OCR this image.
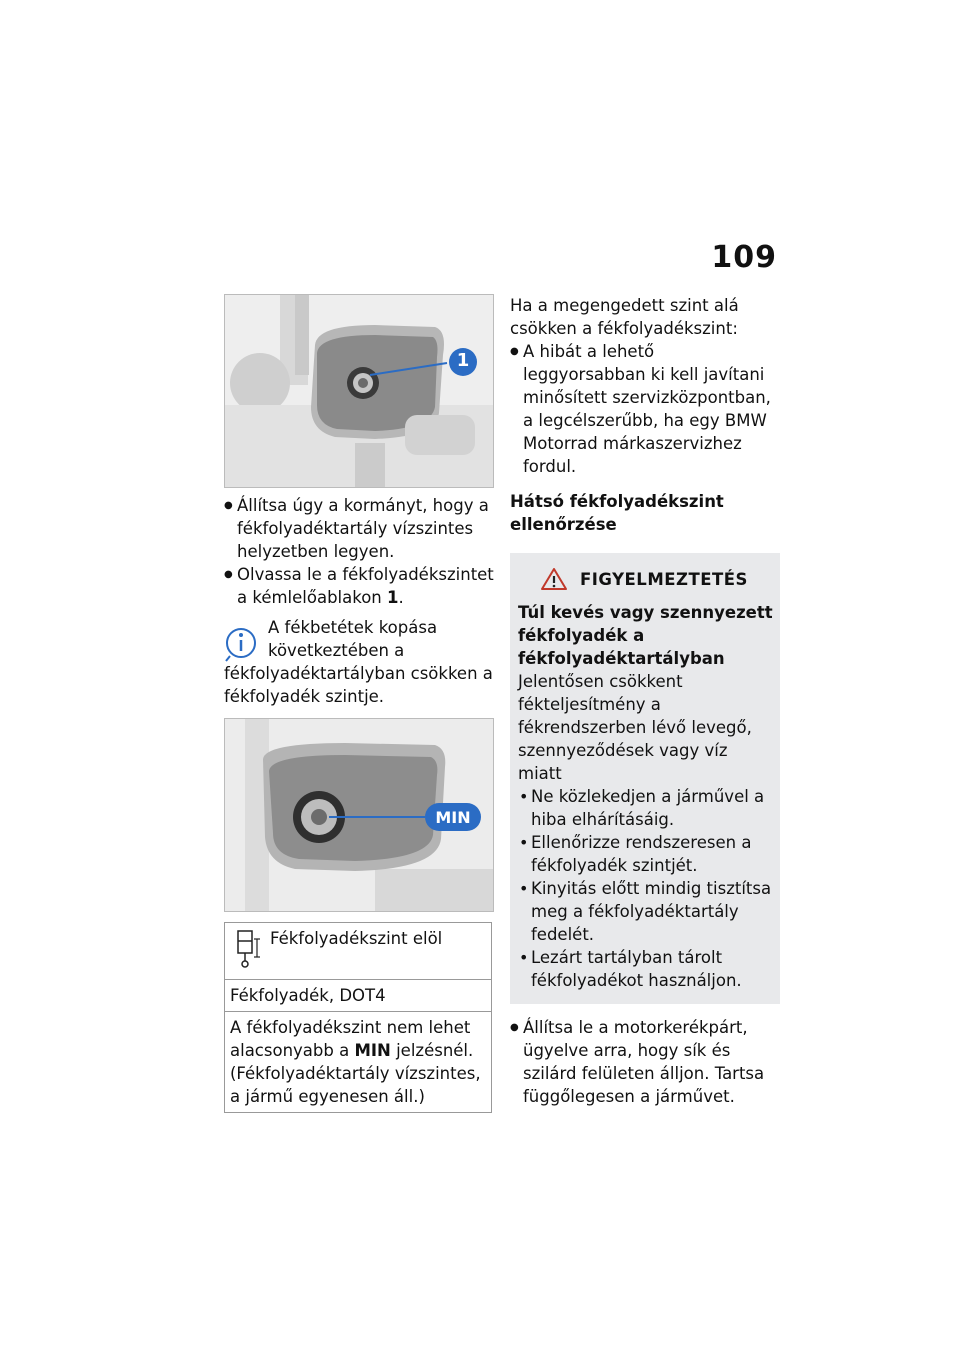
109
1
● Állítsa úgy a kormányt, hogy a fékfolyadéktartály vízszintes helyzetben legyen.
● Olvassa le a fékfolyadékszintet a kémlelőablakon 1.
A fékbetétek kopása következtében a fékfolyadéktartályban csökken a fékfolyadék szintje.
MIN
Fékfolyadékszint elöl

Fékfolyadék, DOT4
A fékfolyadékszint nem lehet alacsonyabb a MIN jelzésnél. (Fékfolyadéktartály vízszintes, a jármű egyenesen áll.)
Ha a megengedett szint alá csökken a fékfolyadékszint:
● A hibát a lehető leggyorsabban ki kell javítani minősített szervizközpontban, a legcélszerűbb, ha egy BMW Motorrad márkaszervizhez fordul.
Hátsó fékfolyadékszint ellenőrzése
FIGYELMEZTETÉS
Túl kevés vagy szennyezett fékfolyadék a fékfolyadéktartályban
Jelentősen csökkent fékteljesítmény a fékrendszerben lévő levegő, szennyeződések vagy víz miatt
• Ne közlekedjen a járművel a hiba elhárításáig.
• Ellenőrizze rendszeresen a fékfolyadék szintjét.
• Kinyitás előtt mindig tisztítsa meg a fékfolyadéktartály fedelét.
• Lezárt tartályban tárolt fékfolyadékot használjon.
● Állítsa le a motorkerékpárt, ügyelve arra, hogy sík és szilárd felületen álljon. Tartsa függőlegesen a járművet.
